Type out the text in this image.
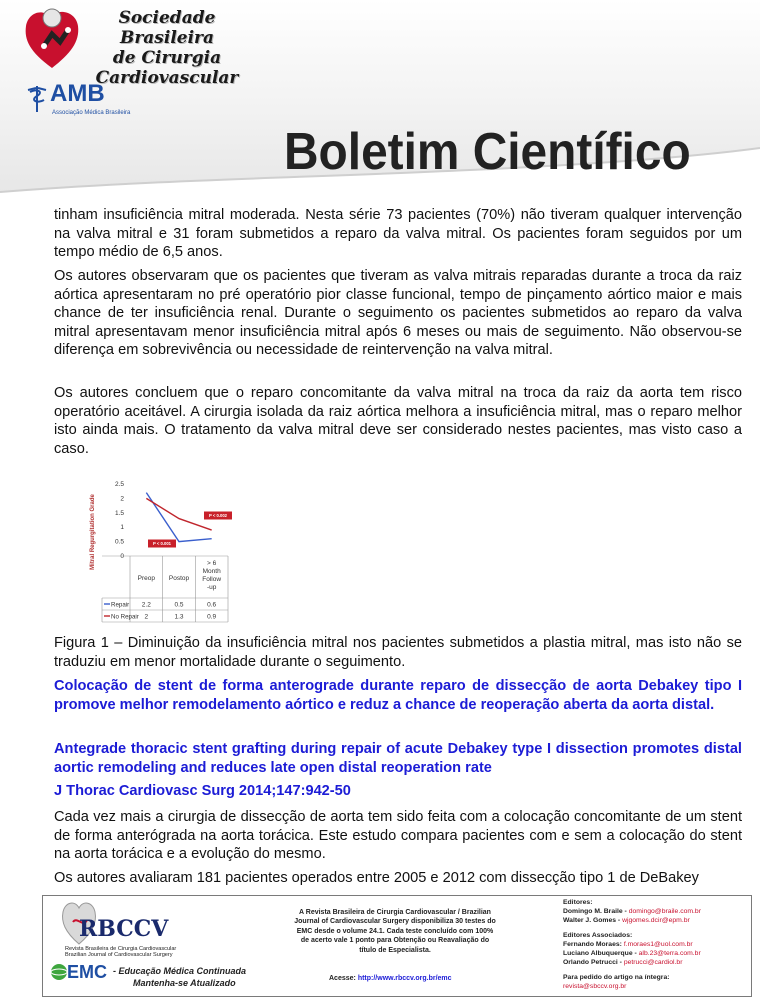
Sociedade Brasileira
de Cirurgia
Cardiovascular
AMB
Associação Médica Brasileira
Boletim Científico
tinham insuficiência mitral moderada. Nesta série 73 pacientes (70%) não tiveram qualquer intervenção na valva mitral e 31 foram submetidos a reparo da valva mitral. Os pacientes foram seguidos por um tempo médio de 6,5 anos.
Os autores observaram que os pacientes que tiveram as valva mitrais reparadas durante a troca da raiz aórtica apresentaram no pré operatório pior classe funcional, tempo de pinçamento aórtico maior e mais chance de ter insuficiência renal. Durante o seguimento os pacientes submetidos ao reparo da valva mitral apresentavam menor insuficiência mitral após 6 meses ou mais de seguimento. Não observou-se diferença em sobrevivência ou necessidade de reintervenção na valva mitral.
Os autores concluem que o reparo concomitante da valva mitral na troca da raiz da aorta tem risco operatório aceitável. A cirurgia isolada da raiz aórtica melhora a insuficiência mitral, mas o reparo melhor isto ainda mais. O tratamento da valva mitral deve ser considerado nestes pacientes, mas visto caso a caso.
Mitral Regurgitation Grade	0
0.5
1
1.5
2
2.5
Preop Postop
> 6
Month
Follow
-up
Repair 2.2	0.5	0.6
No Repair 2	1.3	0.9
P < 0.002
P < 0.001
Figura 1 – Diminuição da insuficiência mitral nos pacientes submetidos a plastia mitral, mas isto não se traduziu em menor mortalidade durante o seguimento.
Colocação de stent de forma anterograde durante reparo de dissecção de aorta Debakey tipo I promove melhor remodelamento aórtico e reduz a chance de reoperação aberta da aorta distal.
Antegrade thoracic stent grafting during repair of acute Debakey type I dissection promotes distal aortic remodeling and reduces late open distal reoperation rate
J Thorac Cardiovasc Surg 2014;147:942-50
Cada vez mais a cirurgia de dissecção de aorta tem sido feita com a colocação concomitante de um stent de forma anterógrada na aorta torácica. Este estudo compara pacientes com e sem a colocação do stent na aorta torácica e a evolução do mesmo.
Os autores avaliaram 181 pacientes operados entre 2005 e 2012 com dissecção tipo 1 de DeBakey
RBCCV
Revista Brasileira de Cirurgia Cardiovascular
Brazilian Journal of Cardiovascular Surgery
EMC - Educação Médica Continuada
Mantenha-se Atualizado
A Revista Brasileira de Cirurgia Cardiovascular / Brazilian
Journal of Cardiovascular Surgery disponibiliza 30 testes do
EMC desde o volume 24.1. Cada teste concluído com 100%
de acerto vale 1 ponto para Obtenção ou Reavaliação do
título de Especialista.
Acesse: http://www.rbccv.org.br/emc
Editores:
Domingo M. Braile - domingo@braile.com.br
Walter J. Gomes - wjgomes.dcir@epm.br
Editores Associados:
Fernando Moraes: f.moraes1@uol.com.br
Luciano Albuquerque - alb.23@terra.com.br
Orlando Petrucci - petrucci@cardiol.br
Para pedido do artigo na íntegra:
revista@sbccv.org.br
